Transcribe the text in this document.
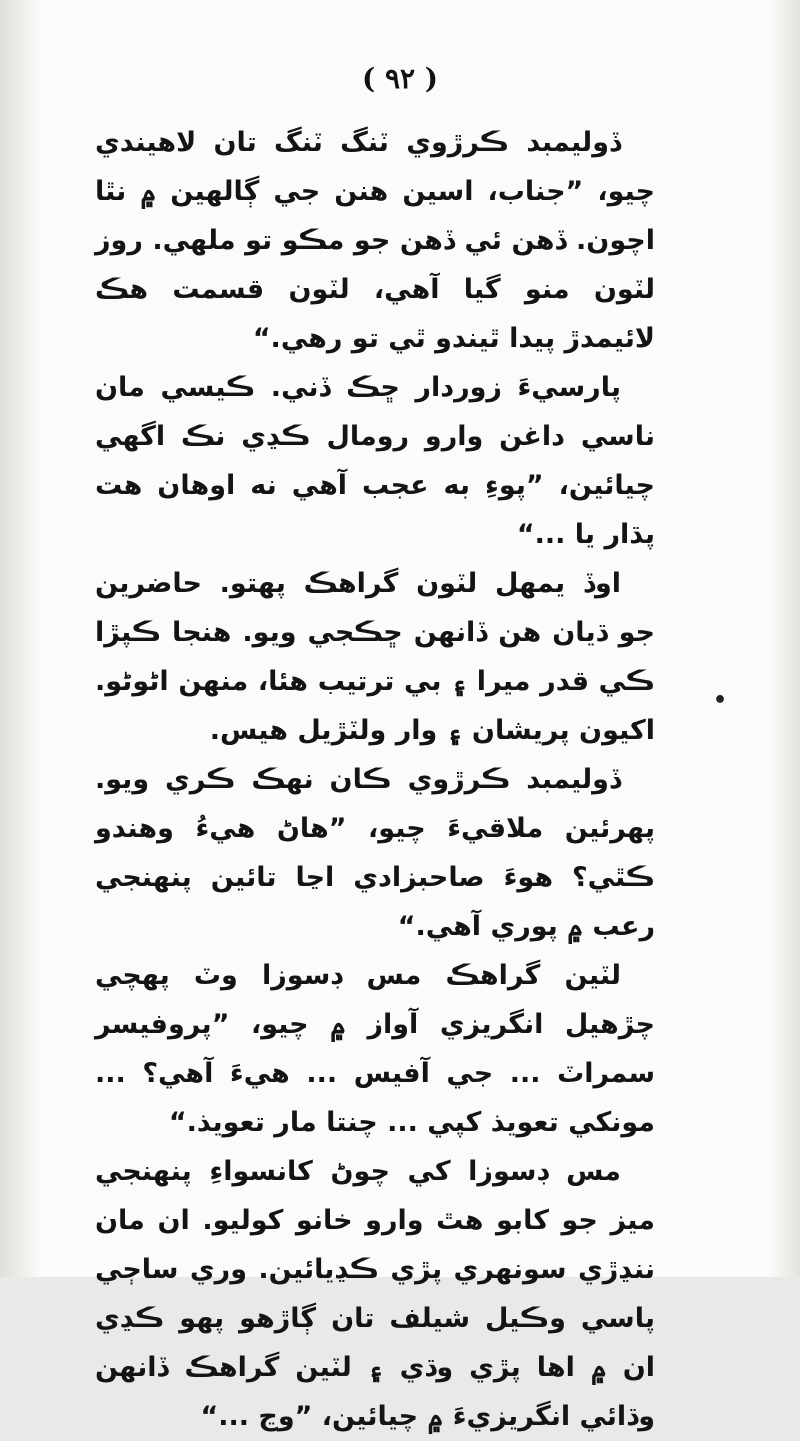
( ٩٢ )

ڏوليمبد ڪرڙوي ٽنگ ٽنگ تان لاهيندي چيو، ”جناب، اسين هنن جي ڳالهين ۾ نٿا اچون. ڏهن ئي ڏهن جو مڪو تو ملهي. روز لٽون منو گيا آهي، لٽون قسمت هڪ لائيمدڙ پيدا ٿيندو ٿي تو رهي.“

پارسيءَ زوردار ڇڪ ڏني. ڪيسي مان ناسي داغن وارو رومال ڪڍي نڪ اگهي چيائين، ”پوءِ به عجب آهي نه اوهان هت پڌار يا ...“

اوڏ يمهل لٽون گراهڪ پهتو. حاضرين جو ڌيان هن ڏانهن ڇڪجي ويو. هنجا ڪپڙا ڪي قدر ميرا ۽ بي ترتيب هئا، منهن اڻوڻو. اکيون پريشان ۽ وار ولٽڙيل هيس.

ڏوليمبد ڪرڙوي ڪان نهڪ ڪري ويو. پهرئين ملاقيءَ چيو، ”هاڻ هيءُ وهندو ڪٿي؟ هوءَ صاحبزادي اڃا تائين پنهنجي رعب ۾ پوري آهي.“

لٽين گراهڪ مس ڊسوزا وٽ پهچي چڙهيل انگريزي آواز ۾ چيو، ”پروفيسر سمراٽ ... جي آفيس ... هيءَ آهي؟ ... مونکي تعويذ کپي ... چنتا مار تعويذ.“

مس ڊسوزا کي چوڻ کانسواءِ پنهنجي ميز جو کابو هٿ وارو خانو کوليو. ان مان ننڍڙي سونهري پڙي ڪڍيائين. وري ساڄي پاسي وڪيل شيلف تان ڳاڙهو پهو ڪڍي ان ۾ اها پڙي وڌي ۽ لٽين گراهڪ ڏانهن وڌائي انگريزيءَ ۾ چيائين، ”وڃ ...“

•
